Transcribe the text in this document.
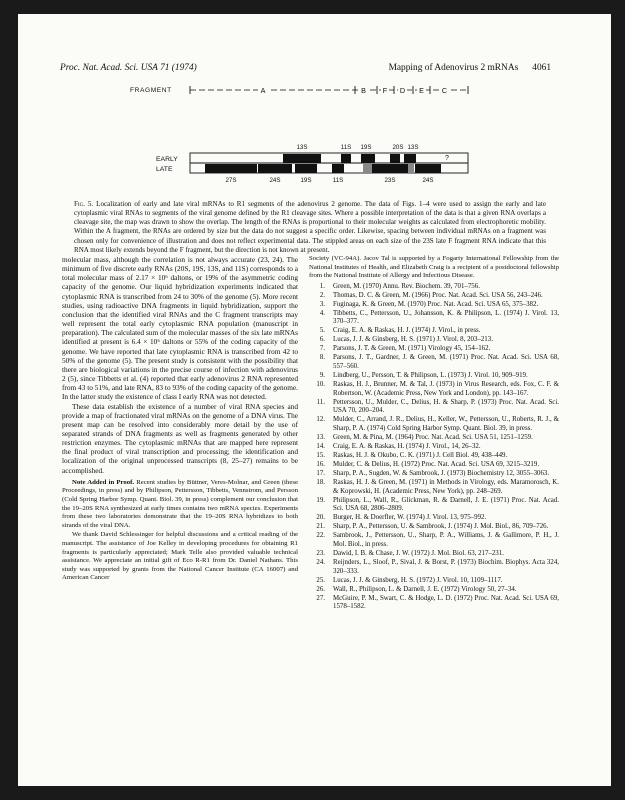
Proc. Nat. Acad. Sci. USA 71 (1974)	Mapping of Adenovirus 2 mRNAs 4061
FRAGMENT	A	B F D E	C
13S	11S 19S	20S 13S
?
EARLY
LATE
27S	24S	19S	11S	23S	24S
Fig. 5. Localization of early and late viral mRNAs to R1 segments of the adenovirus 2 genome. The data of Figs. 1–4 were used to assign the early and late cytoplasmic viral RNAs to segments of the viral genome defined by the R1 cleavage sites. Where a possible interpretation of the data is that a given RNA overlaps a cleavage site, the map was drawn to show the overlap. The length of the RNAs is proportional to their molecular weights as calculated from electrophoretic mobility. Within the A fragment, the RNAs are ordered by size but the data do not suggest a specific order. Likewise, spacing between individual mRNAs on a fragment was chosen only for convenience of illustration and does not reflect experimental data. The stippled areas on each size of the 23S late F fragment RNA indicate that this RNA most likely extends beyond the F fragment, but the direction is not known at present.

molecular mass, although the correlation is not always accurate (23, 24). The minimum of five discrete early RNAs (20S, 19S, 13S, and 11S) corresponds to a total molecular mass of 2.17 × 10⁶ daltons, or 19% of the asymmetric coding capacity of the genome. Our liquid hybridization experiments indicated that cytoplasmic RNA is transcribed from 24 to 30% of the genome (5). More recent studies, using radioactive DNA fragments in liquid hybridization, support the conclusion that the identified viral RNAs and the C fragment transcripts may well represent the total early cytoplasmic RNA population (manuscript in preparation). The calculated sum of the molecular masses of the six late mRNAs identified at present is 6.4 × 10⁶ daltons or 55% of the coding capacity of the genome. We have reported that late cytoplasmic RNA is transcribed from 42 to 50% of the genome (5). The present study is consistent with the possibility that there are biological variations in the precise course of infection with adenovirus 2 (5), since Tibbetts et al. (4) reported that early adenovirus 2 RNA represented from 43 to 51%, and late RNA, 83 to 93% of the coding capacity of the genome. In the latter study the existence of class I early RNA was not detected.

These data establish the existence of a number of viral RNA species and provide a map of fractionated viral mRNAs on the genome of a DNA virus. The present map can be resolved into considerably more detail by the use of separated strands of DNA fragments as well as fragments generated by other restriction enzymes. The cytoplasmic mRNAs that are mapped here represent the final product of viral transcription and processing; the identification and localization of the original unprocessed transcripts (8, 25–27) remains to be accomplished.

Note Added in Proof. Recent studies by Büttner, Veres-Molnar, and Green (these Proceedings, in press) and by Philipson, Pettersson, Tibbetts, Vennstrom, and Persson (Cold Spring Harbor Symp. Quant. Biol. 39, in press) complement our conclusion that the 19–20S RNA synthesized at early times contains two mRNA species. Experiments from these two laboratories demonstrate that the 19–20S RNA hybridizes to both strands of the viral DNA.

We thank David Schlessinger for helpful discussions and a critical reading of the manuscript. The assistance of Joe Kelley in developing procedures for obtaining R1 fragments is particularly appreciated; Mark Telle also provided valuable technical assistance. We appreciate an initial gift of Eco R-R1 from Dr. Daniel Nathans. This study was supported by grants from the National Cancer Institute (CA 16007) and American Cancer

Society (VC-94A). Jacov Tal is supported by a Fogarty International Fellowship from the National Institutes of Health, and Elizabeth Craig is a recipient of a postdoctoral fellowship from the National Institute of Allergy and Infectious Disease.

1. Green, M. (1970) Annu. Rev. Biochem. 39, 701–756.
2. Thomas, D. C. & Green, M. (1966) Proc. Nat. Acad. Sci. USA 56, 243–246.
3. Fuginaga, K. & Green, M. (1970) Proc. Nat. Acad. Sci. USA 65, 375–382.
4. Tibbetts, C., Pettersson, U., Johansson, K. & Philipson, L. (1974) J. Virol. 13, 370–377.
5. Craig, E. A. & Raskas, H. J. (1974) J. Virol., in press.
6. Lucas, J. J. & Ginsberg, H. S. (1971) J. Virol. 8, 203–213.
7. Parsons, J. T. & Green, M. (1971) Virology 45, 154–162.
8. Parsons, J. T., Gardner, J. & Green, M. (1971) Proc. Nat. Acad. Sci. USA 68, 557–560.
9. Lindberg, U., Persson, T. & Philipson, L. (1973) J. Virol. 10, 909–919.
10. Raskas, H. J., Brunner, M. & Tal, J. (1973) in Virus Research, eds. Fox, C. F. & Robertson, W. (Academic Press, New York and London), pp. 143–167.
11. Pettersson, U., Mulder, C., Delius, H. & Sharp, P. (1973) Proc. Nat. Acad. Sci. USA 70, 200–204.
12. Mulder, C., Arrand, J. R., Delius, H., Keller, W., Pettersson, U., Roberts, R. J., & Sharp, P. A. (1974) Cold Spring Harbor Symp. Quant. Biol. 39, in press.
13. Green, M. & Pina, M. (1964) Proc. Nat. Acad. Sci. USA 51, 1251–1259.
14. Craig, E. A. & Raskas, H. (1974) J. Virol., 14, 26–32.
15. Raskas, H. J. & Okubo, C. K. (1971) J. Cell Biol. 49, 438–449.
16. Mulder, C. & Delius, H. (1972) Proc. Nat. Acad. Sci. USA 69, 3215–3219.
17. Sharp, P. A., Sugden, W. & Sambrook, J. (1973) Biochemistry 12, 3055–3063.
18. Raskas, H. J. & Green, M. (1971) in Methods in Virology, eds. Maramorosch, K. & Koprowski, H. (Academic Press, New York), pp. 248–269.
19. Philipson, L., Wall, R., Glickman, R. & Darnell, J. E. (1971) Proc. Nat. Acad. Sci. USA 68, 2806–2809.
20. Burger, H. & Doerfler, W. (1974) J. Virol. 13, 975–992.
21. Sharp, P. A., Pettersson, U. & Sambrook, J. (1974) J. Mol. Biol., 86, 709–726.
22. Sambrook, J., Pettersson, U., Sharp, P. A., Williams, J. & Gallimore, P. H., J. Mol. Biol., in press.
23. Dawid, I. B. & Chase, J. W. (1972) J. Mol. Biol. 63, 217–231.
24. Reijnders, L., Sloof, P., Sival, J. & Borst, P. (1973) Biochim. Biophys. Acta 324, 320–333.
25. Lucas, J. J. & Ginsberg, H. S. (1972) J. Virol. 10, 1109–1117.
26. Wall, R., Philipson, L. & Darnell, J. E. (1972) Virology 50, 27–34.
27. McGuire, P. M., Swart, C. & Hodge, L. D. (1972) Proc. Nat. Acad. Sci. USA 69, 1578–1582.
